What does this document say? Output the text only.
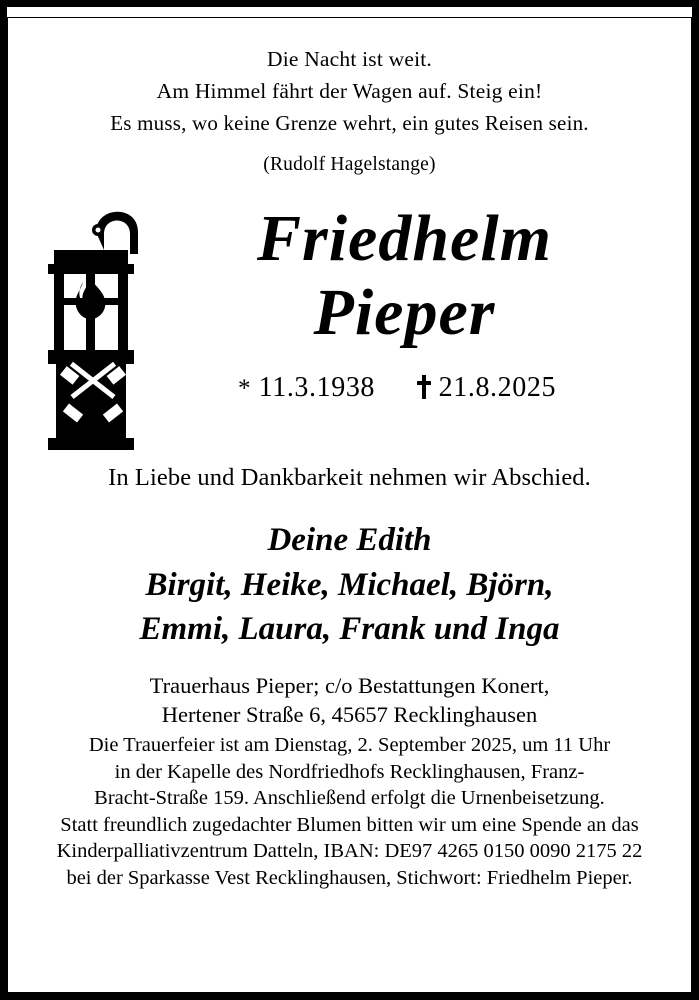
Die Nacht ist weit.
Am Himmel fährt der Wagen auf. Steig ein!
Es muss, wo keine Grenze wehrt, ein gutes Reisen sein.
(Rudolf Hagelstange)
Friedhelm
Pieper
* 11.3.1938	21.8.2025
In Liebe und Dankbarkeit nehmen wir Abschied.
Deine Edith
Birgit, Heike, Michael, Björn,
Emmi, Laura, Frank und Inga
Trauerhaus Pieper; c/o Bestattungen Konert,
Hertener Straße 6, 45657 Recklinghausen
Die Trauerfeier ist am Dienstag, 2. September 2025, um 11 Uhr
in der Kapelle des Nordfriedhofs Recklinghausen, Franz-
Bracht-Straße 159. Anschließend erfolgt die Urnenbeisetzung.
Statt freundlich zugedachter Blumen bitten wir um eine Spende an das
Kinderpalliativzentrum Datteln, IBAN: DE97 4265 0150 0090 2175 22
bei der Sparkasse Vest Recklinghausen, Stichwort: Friedhelm Pieper.
